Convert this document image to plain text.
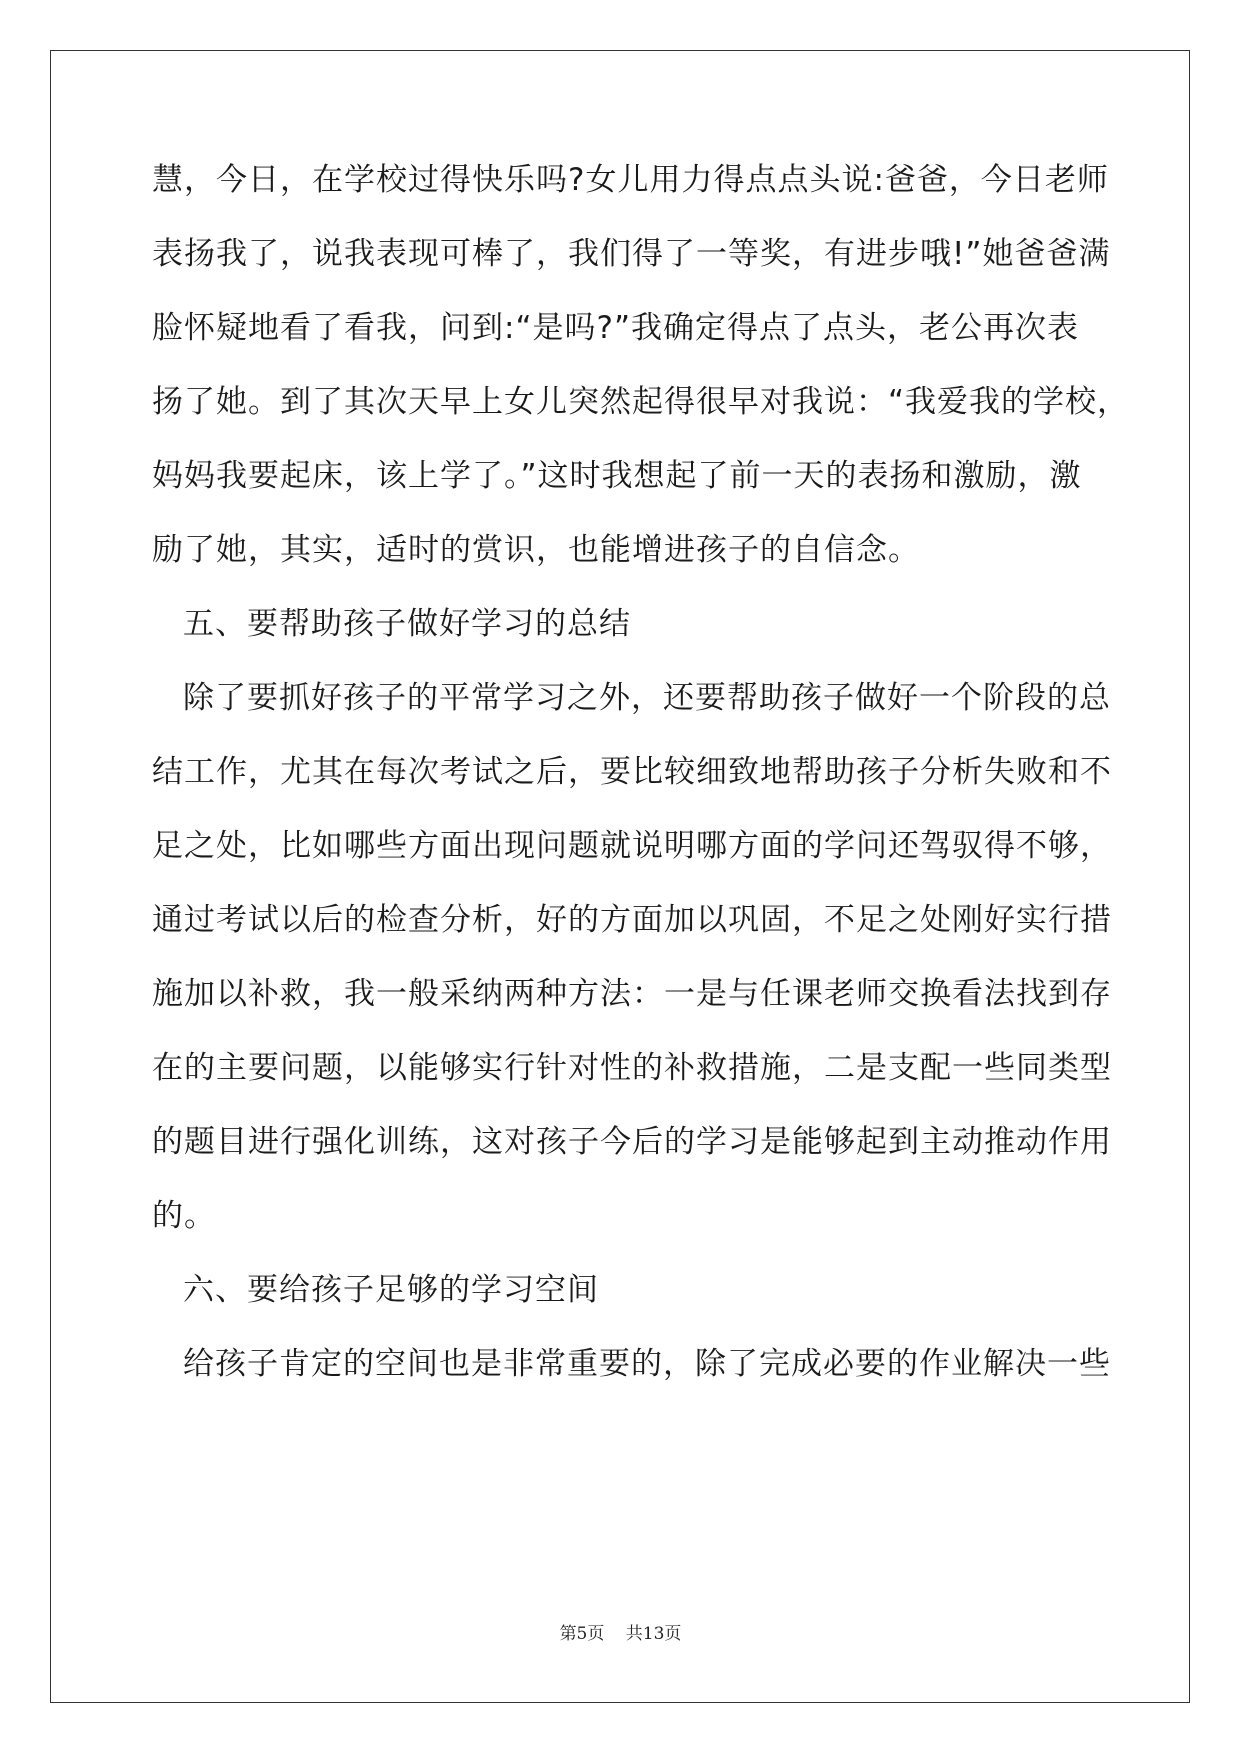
慧，今日，在学校过得快乐吗?女儿用力得点点头说:爸爸，今日老师
表扬我了，说我表现可棒了，我们得了一等奖，有进步哦!”她爸爸满
脸怀疑地看了看我，问到:“是吗?”我确定得点了点头，老公再次表
扬了她。到了其次天早上女儿突然起得很早对我说：“我爱我的学校，
妈妈我要起床，该上学了。”这时我想起了前一天的表扬和激励，激
励了她，其实，适时的赏识，也能增进孩子的自信念。
五、要帮助孩子做好学习的总结
除了要抓好孩子的平常学习之外，还要帮助孩子做好一个阶段的总
结工作，尤其在每次考试之后，要比较细致地帮助孩子分析失败和不
足之处，比如哪些方面出现问题就说明哪方面的学问还驾驭得不够，
通过考试以后的检查分析，好的方面加以巩固，不足之处刚好实行措
施加以补救，我一般采纳两种方法：一是与任课老师交换看法找到存
在的主要问题，以能够实行针对性的补救措施，二是支配一些同类型
的题目进行强化训练，这对孩子今后的学习是能够起到主动推动作用
的。
六、要给孩子足够的学习空间
给孩子肯定的空间也是非常重要的，除了完成必要的作业解决一些
第5页 共13页
